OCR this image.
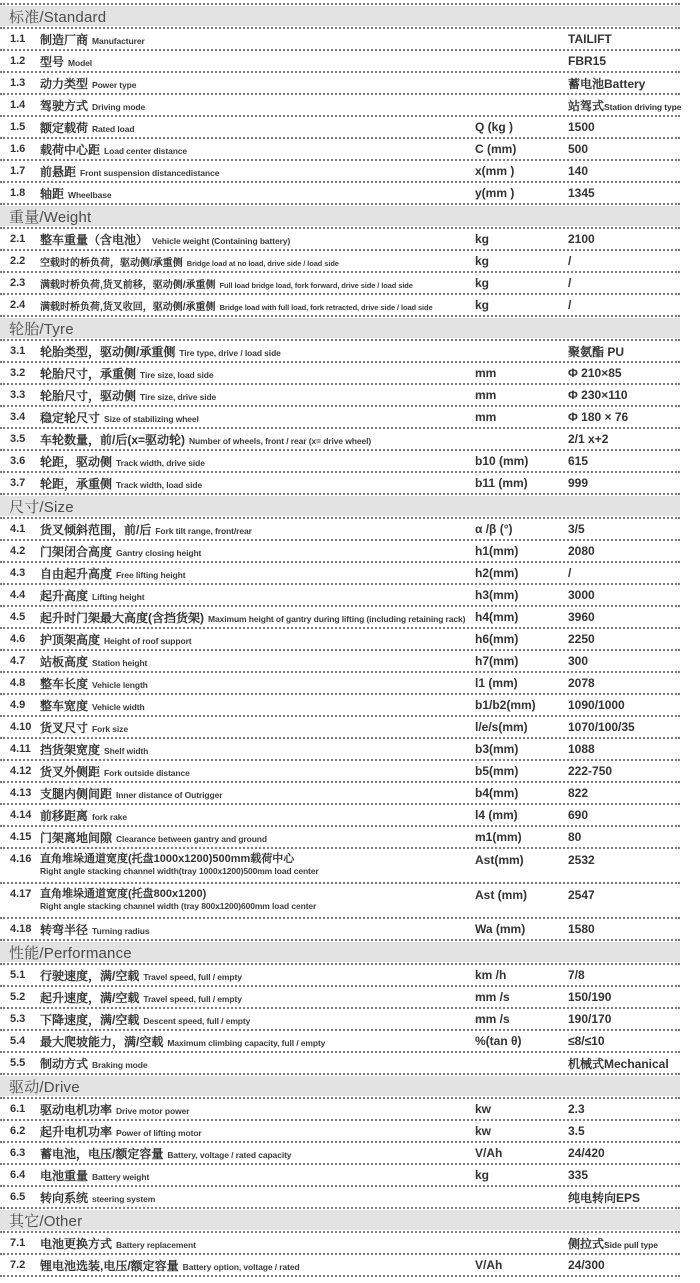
标准/Standard
1.1	制造厂商 Manufacturer	TAILIFT
1.2	型号 Model	FBR15
1.3	动力类型 Power type	蓄电池Battery
1.4	驾驶方式 Driving mode	站驾式Station driving type
1.5	额定载荷 Rated load	Q (kg )	1500
1.6	载荷中心距 Load center distance	C (mm)	500
1.7	前悬距 Front suspension distancedistance	x(mm )	140
1.8	轴距 Wheelbase	y(mm )	1345
重量/Weight
2.1	整车重量（含电池） Vehicle weight (Containing battery)	kg	2100
2.2	空载时的桥负荷，驱动侧/承重侧 Bridge load at no load, drive side / load side	kg	/
2.3	满载时桥负荷,货叉前移，驱动侧/承重侧 Full load bridge load, fork forward, drive side / load side	kg	/
2.4	满载时桥负荷,货叉收回，驱动侧/承重侧 Bridge load with full load, fork retracted, drive side / load side	kg	/
轮胎/Tyre
3.1	轮胎类型，驱动侧/承重侧 Tire type, drive / load side	聚氨酯 PU
3.2	轮胎尺寸，承重侧 Tire size, load side	mm	Φ 210×85
3.3	轮胎尺寸，驱动侧 Tire size, drive side	mm	Φ 230×110
3.4	稳定轮尺寸 Size of stabilizing wheel	mm	Φ 180 × 76
3.5	车轮数量，前/后(x=驱动轮) Number of wheels, front / rear (x= drive wheel)	2/1 x+2
3.6	轮距，驱动侧 Track width, drive side	b10 (mm)	615
3.7	轮距，承重侧 Track width, load side	b11 (mm)	999
尺寸/Size
4.1	货叉倾斜范围，前/后 Fork tilt range, front/rear	α /β (°)	3/5
4.2	门架闭合高度 Gantry closing height	h1(mm)	2080
4.3	自由起升高度 Free lifting height	h2(mm)	/
4.4	起升高度 Lifting height	h3(mm)	3000
4.5	起升时门架最大高度(含挡货架) Maximum height of gantry during lifting (including retaining rack) h4(mm)	3960
4.6	护顶架高度 Height of roof support	h6(mm)	2250
4.7	站板高度 Station height	h7(mm)	300
4.8	整车长度 Vehicle length	l1 (mm)	2078
4.9	整车宽度 Vehicle width	b1/b2(mm)	1090/1000
4.10 货叉尺寸 Fork size	l/e/s(mm)	1070/100/35
4.11 挡货架宽度 Shelf width	b3(mm)	1088
4.12 货叉外侧距 Fork outside distance	b5(mm)	222-750
4.13 支腿内侧间距 Inner distance of Outrigger	b4(mm)	822
4.14 前移距离 fork rake	l4 (mm)	690
4.15 门架离地间隙 Clearance between gantry and ground	m1(mm)	80
4.16 直角堆垛通道宽度(托盘1000x1200)500mm载荷中心
Right angle stacking channel width(tray 1000x1200)500mm load center
Ast(mm)	2532
4.17 直角堆垛通道宽度(托盘800x1200)
Right angle stacking channel width (tray 800x1200)600mm load center
Ast (mm)	2547
4.18 转弯半径 Turning radius	Wa (mm)	1580
性能/Performance
5.1	行驶速度，满/空载 Travel speed, full / empty	km /h	7/8
5.2	起升速度，满/空载 Travel speed, full / empty	mm /s	150/190
5.3	下降速度，满/空载 Descent speed, full / empty	mm /s	190/170
5.4	最大爬坡能力，满/空载 Maximum climbing capacity, full / empty	%(tan θ)	≤8/≤10
5.5	制动方式 Braking mode	机械式Mechanical
驱动/Drive
6.1	驱动电机功率 Drive motor power	kw	2.3
6.2	起升电机功率 Power of lifting motor	kw	3.5
6.3	蓄电池，电压/额定容量 Battery, voltage / rated capacity	V/Ah	24/420
6.4	电池重量 Battery weight	kg	335
6.5	转向系统 steering system	纯电转向EPS
其它/Other
7.1	电池更换方式 Battery replacement	侧拉式Side pull type
7.2	锂电池选装,电压/额定容量 Battery option, voltage / rated	V/Ah	24/300
